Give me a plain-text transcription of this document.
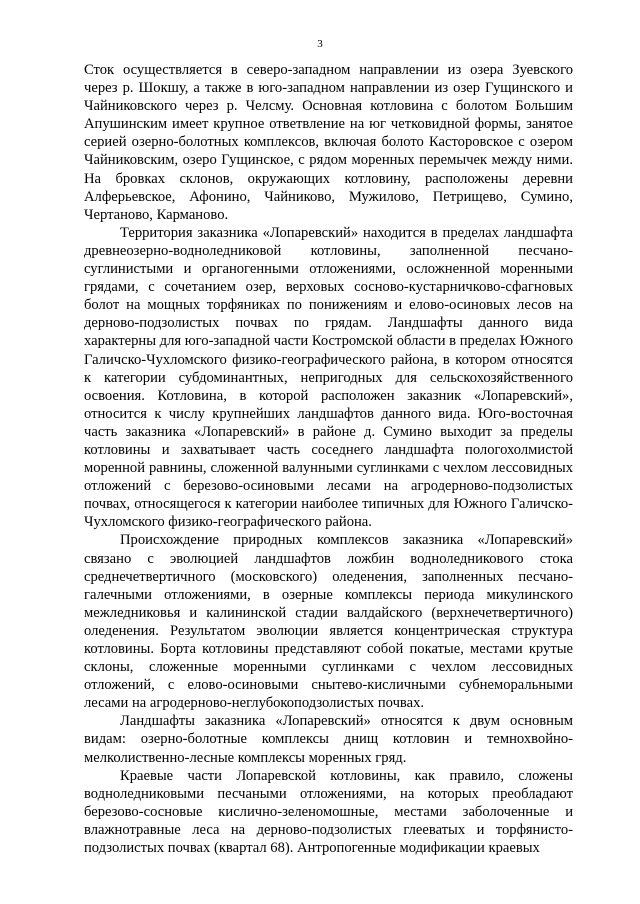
3

Сток осуществляется в северо-западном направлении из озера Зуевского через р. Шокшу, а также в юго-западном направлении из озер Гущинского и Чайниковского через р. Челсму. Основная котловина с болотом Большим Апушинским имеет крупное ответвление на юг четковидной формы, занятое серией озерно-болотных комплексов, включая болото Касторовское с озером Чайниковским, озеро Гущинское, с рядом моренных перемычек между ними. На бровках склонов, окружающих котловину, расположены деревни Алферьевское, Афонино, Чайниково, Мужилово, Петрищево, Сумино, Чертаново, Карманово.

Территория заказника «Лопаревский» находится в пределах ландшафта древнеозерно-водноледниковой котловины, заполненной песчано-суглинистыми и органогенными отложениями, осложненной моренными грядами, с сочетанием озер, верховых сосново-кустарничково-сфагновых болот на мощных торфяниках по понижениям и елово-осиновых лесов на дерново-подзолистых почвах по грядам. Ландшафты данного вида характерны для юго-западной части Костромской области в пределах Южного Галичско-Чухломского физико-географического района, в котором относятся к категории субдоминантных, непригодных для сельскохозяйственного освоения. Котловина, в которой расположен заказник «Лопаревский», относится к числу крупнейших ландшафтов данного вида. Юго-восточная часть заказника «Лопаревский» в районе д. Сумино выходит за пределы котловины и захватывает часть соседнего ландшафта пологохолмистой моренной равнины, сложенной валунными суглинками с чехлом лессовидных отложений с березово-осиновыми лесами на агродерново-подзолистых почвах, относящегося к категории наиболее типичных для Южного Галичско-Чухломского физико-географического района.

Происхождение природных комплексов заказника «Лопаревский» связано с эволюцией ландшафтов ложбин водноледникового стока среднечетвертичного (московского) оледенения, заполненных песчано-галечными отложениями, в озерные комплексы периода микулинского межледниковья и калининской стадии валдайского (верхнечетвертичного) оледенения. Результатом эволюции является концентрическая структура котловины. Борта котловины представляют собой покатые, местами крутые склоны, сложенные моренными суглинками с чехлом лессовидных отложений, с елово-осиновыми снытево-кисличными субнеморальными лесами на агродерново-неглубокоподзолистых почвах.

Ландшафты заказника «Лопаревский» относятся к двум основным видам: озерно-болотные комплексы днищ котловин и темнохвойно-мелколиственно-лесные комплексы моренных гряд.

Краевые части Лопаревской котловины, как правило, сложены водноледниковыми песчаными отложениями, на которых преобладают березово-сосновые кислично-зеленомошные, местами заболоченные и влажнотравные леса на дерново-подзолистых глееватых и торфянисто-подзолистых почвах (квартал 68). Антропогенные модификации краевых
